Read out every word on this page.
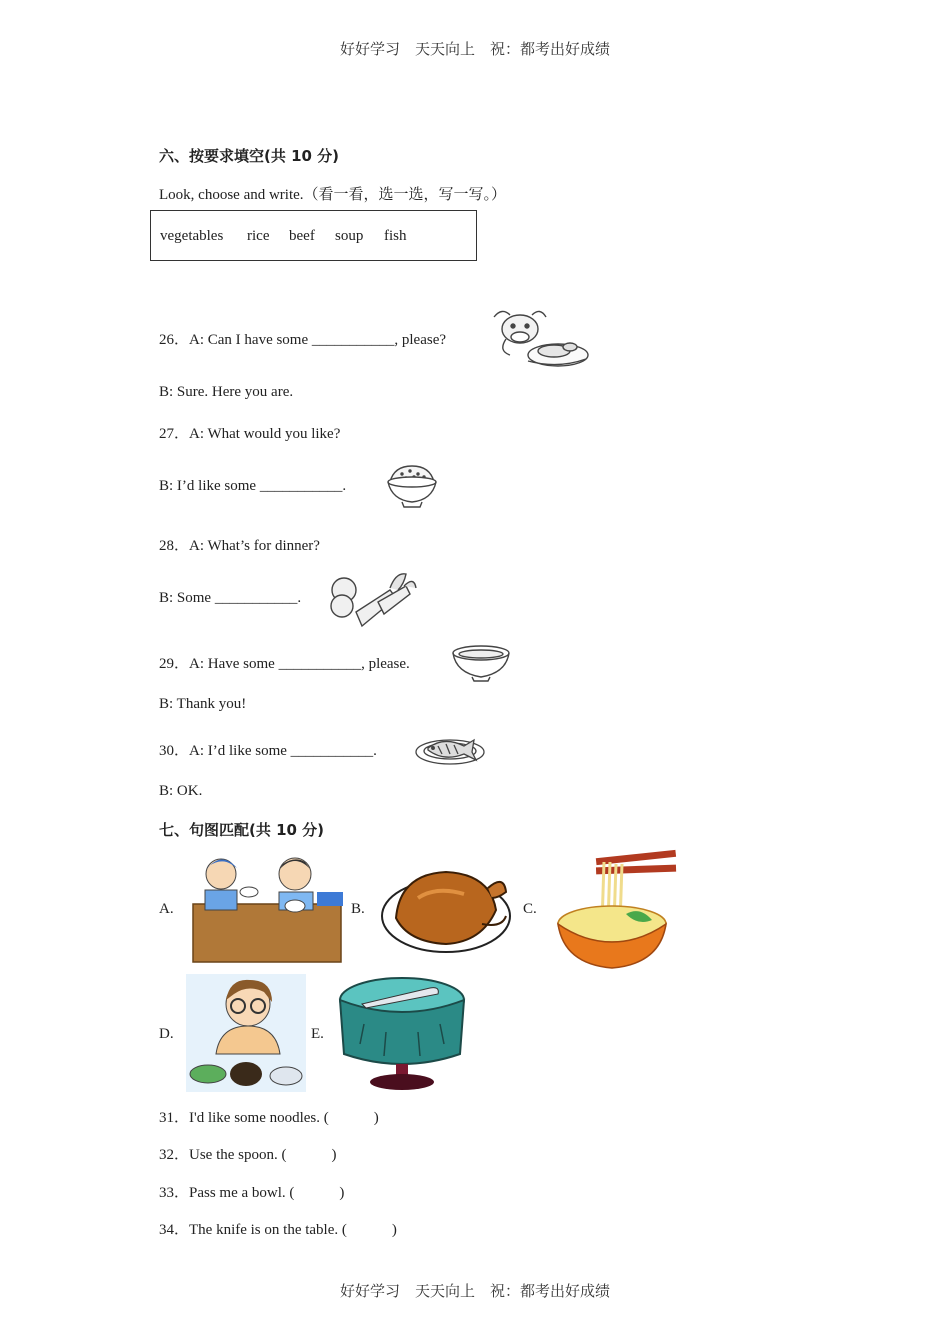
好好学习　天天向上　祝：都考出好成绩
六、按要求填空(共 10 分)
Look, choose and write.（看一看，选一选，写一写。）
vegetables rice beef soup fish
26．A: Can I have some ___________, please?
B: Sure. Here you are.
27．A: What would you like?
B: I’d like some ___________.
28．A: What’s for dinner?
B: Some ___________.
29．A: Have some ___________, please.
B: Thank you!
30．A: I’d like some ___________.
B: OK.
七、句图匹配(共 10 分)
A.	B.	C.
D.	E.
31．I'd like some noodles. (　　　)
32．Use the spoon. (　　　)
33．Pass me a bowl. (　　　)
34．The knife is on the table. (　　　)
好好学习　天天向上　祝：都考出好成绩
